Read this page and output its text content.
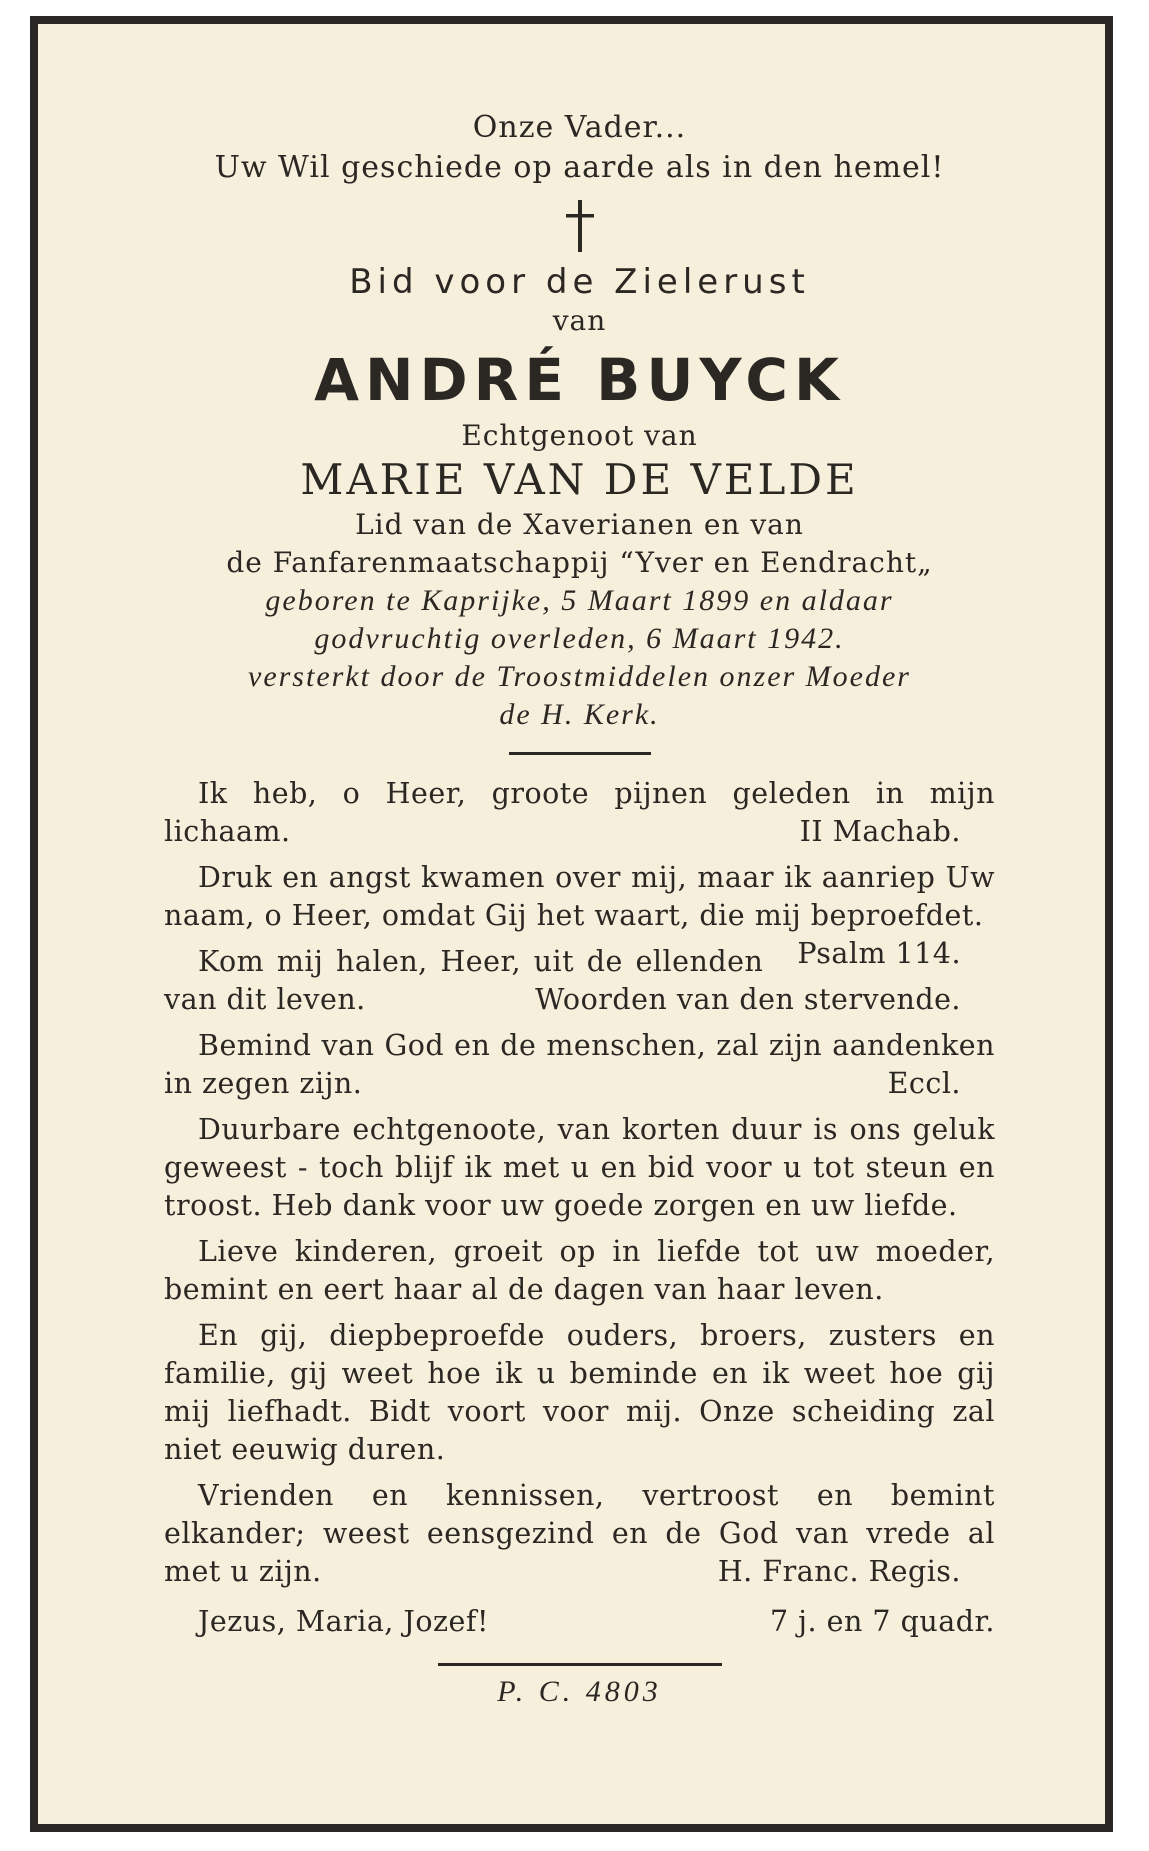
Onze Vader...
Uw Wil geschiede op aarde als in den hemel!
Bid voor de Zielerust
van
ANDRÉ BUYCK
Echtgenoot van
MARIE VAN DE VELDE
Lid van de Xaverianen en van
de Fanfarenmaatschappij “Yver en Eendracht„
geboren te Kaprijke, 5 Maart 1899 en aldaar
godvruchtig overleden, 6 Maart 1942.
versterkt door de Troostmiddelen onzer Moeder
de H. Kerk.
Ik heb, o Heer, groote pijnen geleden in mijn lichaam.	II Machab.
Druk en angst kwamen over mij, maar ik aanriep Uw naam, o Heer, omdat Gij het waart, die mij beproefdet.
Psalm 114.
Kom mij halen, Heer, uit de ellenden van dit leven.	Woorden van den stervende.
Bemind van God en de menschen, zal zijn aandenken in zegen zijn.	Eccl.
Duurbare echtgenoote, van korten duur is ons geluk geweest - toch blijf ik met u en bid voor u tot steun en troost. Heb dank voor uw goede zorgen en uw liefde.
Lieve kinderen, groeit op in liefde tot uw moeder, bemint en eert haar al de dagen van haar leven.
En gij, diepbeproefde ouders, broers, zusters en familie, gij weet hoe ik u beminde en ik weet hoe gij mij liefhadt. Bidt voort voor mij. Onze scheiding zal niet eeuwig duren.
Vrienden en kennissen, vertroost en bemint elkander; weest eensgezind en de God van vrede al met u zijn.	H. Franc. Regis.
Jezus, Maria, Jozef!	7 j. en 7 quadr.
P. C. 4803
